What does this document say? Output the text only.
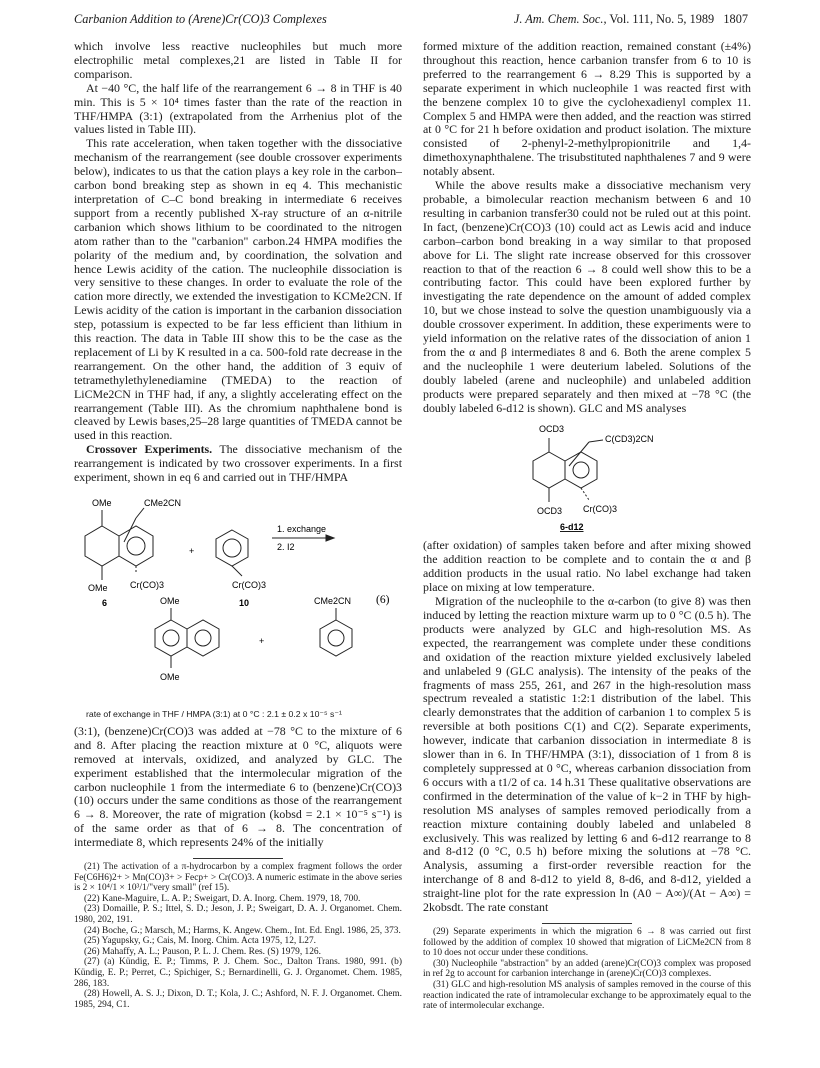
Carbanion Addition to (Arene)Cr(CO)3 Complexes	J. Am. Chem. Soc., Vol. 111, No. 5, 1989 1807

which involve less reactive nucleophiles but much more electrophilic metal complexes,21 are listed in Table II for comparison.

At −40 °C, the half life of the rearrangement 6 → 8 in THF is 40 min. This is 5 × 10⁴ times faster than the rate of the reaction in THF/HMPA (3:1) (extrapolated from the Arrhenius plot of the values listed in Table III).

This rate acceleration, when taken together with the dissociative mechanism of the rearrangement (see double crossover experiments below), indicates to us that the cation plays a key role in the carbon–carbon bond breaking step as shown in eq 4. This mechanistic interpretation of C–C bond breaking in intermediate 6 receives support from a recently published X-ray structure of an α-nitrile carbanion which shows lithium to be coordinated to the nitrogen atom rather than to the "carbanion" carbon.24 HMPA modifies the polarity of the medium and, by coordination, the solvation and hence Lewis acidity of the cation. The nucleophile dissociation is very sensitive to these changes. In order to evaluate the role of the cation more directly, we extended the investigation to KCMe2CN. If Lewis acidity of the cation is important in the carbanion dissociation step, potassium is expected to be far less efficient than lithium in this reaction. The data in Table III show this to be the case as the replacement of Li by K resulted in a ca. 500-fold rate decrease in the rearrangement. On the other hand, the addition of 3 equiv of tetramethylethylenediamine (TMEDA) to the reaction of LiCMe2CN in THF had, if any, a slightly accelerating effect on the rearrangement (Table III). As the chromium naphthalene bond is cleaved by Lewis bases,25–28 large quantities of TMEDA cannot be used in this reaction.

Crossover Experiments. The dissociative mechanism of the rearrangement is indicated by two crossover experiments. In a first experiment, shown in eq 6 and carried out in THF/HMPA

OMe	CMe2CN
OMe Cr(CO)3
6
+
Cr(CO)3
10
1. exchange
2. I2
(6)
OMe
OMe
+
CMe2CN

rate of exchange in THF / HMPA (3:1) at 0 °C : 2.1 ± 0.2 x 10⁻⁵ s⁻¹

(3:1), (benzene)Cr(CO)3 was added at −78 °C to the mixture of 6 and 8. After placing the reaction mixture at 0 °C, aliquots were removed at intervals, oxidized, and analyzed by GLC. The experiment established that the intermolecular migration of the carbon nucleophile 1 from the intermediate 6 to (benzene)Cr(CO)3 (10) occurs under the same conditions as those of the rearrangement 6 → 8. Moreover, the rate of migration (kobsd = 2.1 × 10⁻⁵ s⁻¹) is of the same order as that of 6 → 8. The concentration of intermediate 8, which represents 24% of the initially

(21) The activation of a π-hydrocarbon by a complex fragment follows the order Fe(C6H6)2+ > Mn(CO)3+ > Fecp+ > Cr(CO)3. A numeric estimate in the above series is 2 × 10⁴/1 × 10³/1/"very small" (ref 15).

(22) Kane-Maguire, L. A. P.; Sweigart, D. A. Inorg. Chem. 1979, 18, 700.

(23) Domaille, P. S.; Ittel, S. D.; Jeson, J. P.; Sweigart, D. A. J. Organomet. Chem. 1980, 202, 191.

(24) Boche, G.; Marsch, M.; Harms, K. Angew. Chem., Int. Ed. Engl. 1986, 25, 373.

(25) Yagupsky, G.; Cais, M. Inorg. Chim. Acta 1975, 12, L27.

(26) Mahaffy, A. L.; Pauson, P. L. J. Chem. Res. (S) 1979, 126.

(27) (a) Kündig, E. P.; Timms, P. J. Chem. Soc., Dalton Trans. 1980, 991. (b) Kündig, E. P.; Perret, C.; Spichiger, S.; Bernardinelli, G. J. Organomet. Chem. 1985, 286, 183.

(28) Howell, A. S. J.; Dixon, D. T.; Kola, J. C.; Ashford, N. F. J. Organomet. Chem. 1985, 294, C1.

formed mixture of the addition reaction, remained constant (±4%) throughout this reaction, hence carbanion transfer from 6 to 10 is preferred to the rearrangement 6 → 8.29 This is supported by a separate experiment in which nucleophile 1 was reacted first with the benzene complex 10 to give the cyclohexadienyl complex 11. Complex 5 and HMPA were then added, and the reaction was stirred at 0 °C for 21 h before oxidation and product isolation. The mixture consisted of 2-phenyl-2-methylpropionitrile and 1,4-dimethoxynaphthalene. The trisubstituted naphthalenes 7 and 9 were notably absent.

While the above results make a dissociative mechanism very probable, a bimolecular reaction mechanism between 6 and 10 resulting in carbanion transfer30 could not be ruled out at this point. In fact, (benzene)Cr(CO)3 (10) could act as Lewis acid and induce carbon–carbon bond breaking in a way similar to that proposed above for Li. The slight rate increase observed for this crossover reaction to that of the reaction 6 → 8 could well show this to be a contributing factor. This could have been explored further by investigating the rate dependence on the amount of added complex 10, but we chose instead to solve the question unambiguously via a double crossover experiment. In addition, these experiments were to yield information on the relative rates of the dissociation of anion 1 from the α and β intermediates 8 and 6. Both the arene complex 5 and the nucleophile 1 were deuterium labeled. Solutions of the doubly labeled (arene and nucleophile) and unlabeled addition products were prepared separately and then mixed at −78 °C (the doubly labeled 6-d12 is shown). GLC and MS analyses

OCD3
C(CD3)2CN
OCD3 Cr(CO)3
6-d12

(after oxidation) of samples taken before and after mixing showed the addition reaction to be complete and to contain the α and β addition products in the usual ratio. No label exchange had taken place on mixing at low temperature.

Migration of the nucleophile to the α-carbon (to give 8) was then induced by letting the reaction mixture warm up to 0 °C (0.5 h). The products were analyzed by GLC and high-resolution MS. As expected, the rearrangement was complete under these conditions and oxidation of the reaction mixture yielded exclusively labeled and unlabeled 9 (GLC analysis). The intensity of the peaks of the fragments of mass 255, 261, and 267 in the high-resolution mass spectrum revealed a statistic 1:2:1 distribution of the label. This clearly demonstrates that the addition of carbanion 1 to complex 5 is reversible at both positions C(1) and C(2). Separate experiments, however, indicate that carbanion dissociation in intermediate 8 is slower than in 6. In THF/HMPA (3:1), dissociation of 1 from 8 is completely suppressed at 0 °C, whereas carbanion dissociation from 6 occurs with a t1/2 of ca. 14 h.31 These qualitative observations are confirmed in the determination of the value of k−2 in THF by high-resolution MS analyses of samples removed periodically from a reaction mixture containing doubly labeled and unlabeled 8 exclusively. This was realized by letting 6 and 6-d12 rearrange to 8 and 8-d12 (0 °C, 0.5 h) before mixing the solutions at −78 °C. Analysis, assuming a first-order reversible reaction for the interchange of 8 and 8-d12 to yield 8, 8-d6, and 8-d12, yielded a straight-line plot for the rate expression ln (A0 − A∞)/(At − A∞) = 2kobsdt. The rate constant

(29) Separate experiments in which the migration 6 → 8 was carried out first followed by the addition of complex 10 showed that migration of LiCMe2CN from 8 to 10 does not occur under these conditions.

(30) Nucleophile "abstraction" by an added (arene)Cr(CO)3 complex was proposed in ref 2g to account for carbanion interchange in (arene)Cr(CO)3 complexes.

(31) GLC and high-resolution MS analysis of samples removed in the course of this reaction indicated the rate of intramolecular exchange to be approximately equal to the rate of intermolecular exchange.
